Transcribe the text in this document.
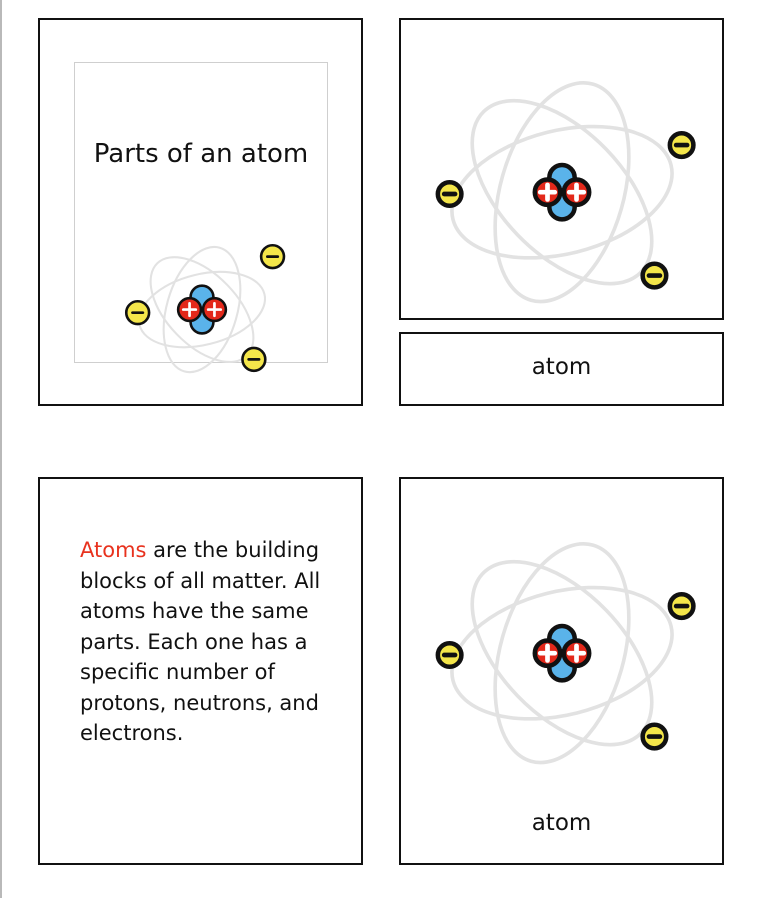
Parts of an atom
atom
Atoms are the building blocks of all matter. All atoms have the same parts. Each one has a specific number of protons, neutrons, and electrons.
atom
